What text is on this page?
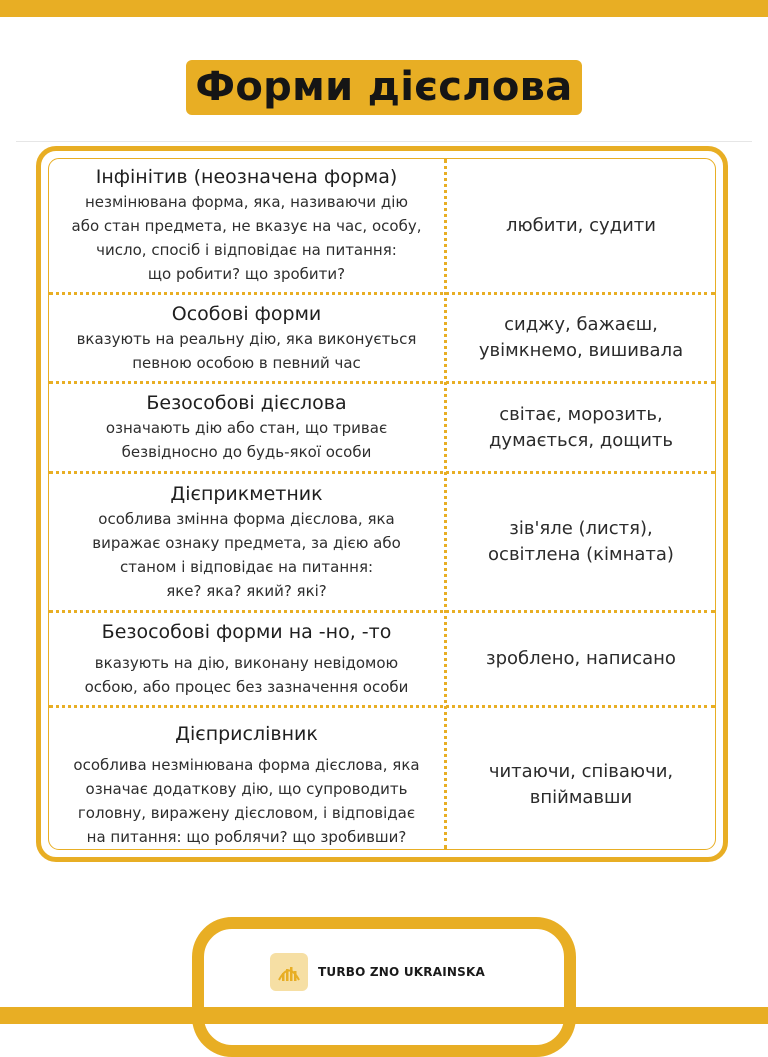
Форми дієслова
Інфінітив (неозначена форма)
незмінювана форма, яка, називаючи дію
або стан предмета, не вказує на час, особу,
число, спосіб і відповідає на питання:
що робити? що зробити?
любити, судити
Особові форми
вказують на реальну дію, яка виконується
певною особою в певний час
сиджу, бажаєш,
увімкнемо, вишивала
Безособові дієслова
означають дію або стан, що триває
безвідносно до будь-якої особи
світає, морозить,
думається, дощить
Дієприкметник
особлива змінна форма дієслова, яка
виражає ознаку предмета, за дією або
станом і відповідає на питання:
яке? яка? який? які?
зів'яле (листя),
освітлена (кімната)
Безособові форми на -но, -то
вказують на дію, виконану невідомою
осбою, або процес без зазначення особи
зроблено, написано
Дієприслівник
особлива незмінювана форма дієслова, яка
означає додаткову дію, що супроводить
головну, виражену дієсловом, і відповідає
на питання: що роблячи? що зробивши?
читаючи, співаючи,
впіймавши
TURBO ZNO UKRAINSKA
